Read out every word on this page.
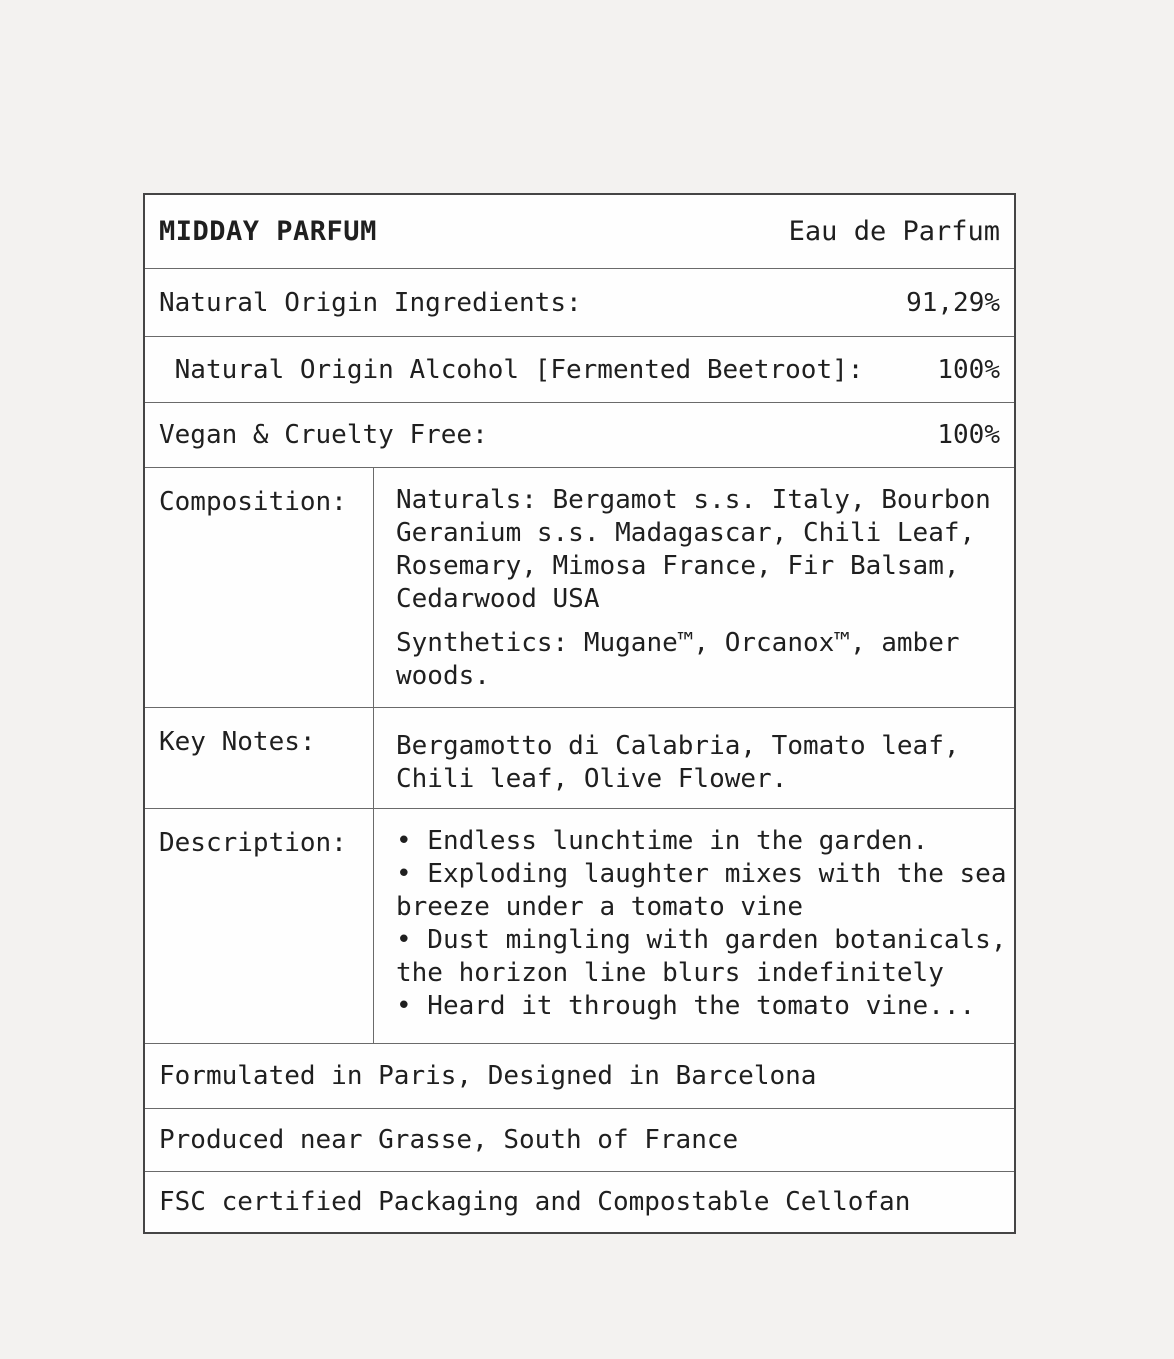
MIDDAY PARFUM	Eau de Parfum
Natural Origin Ingredients:	91,29%
Natural Origin Alcohol [Fermented Beetroot]:	100%
Vegan & Cruelty Free:	100%
Composition:	Naturals: Bergamot s.s. Italy, Bourbon Geranium s.s. Madagascar, Chili Leaf, Rosemary, Mimosa France, Fir Balsam, Cedarwood USA
Synthetics: Mugane™, Orcanox™, amber woods.
Key Notes:	Bergamotto di Calabria, Tomato leaf, Chili leaf, Olive Flower.
Description:	• Endless lunchtime in the garden.
• Exploding laughter mixes with the sea breeze under a tomato vine
• Dust mingling with garden botanicals, the horizon line blurs indefinitely
• Heard it through the tomato vine...
Formulated in Paris, Designed in Barcelona
Produced near Grasse, South of France
FSC certified Packaging and Compostable Cellofan
